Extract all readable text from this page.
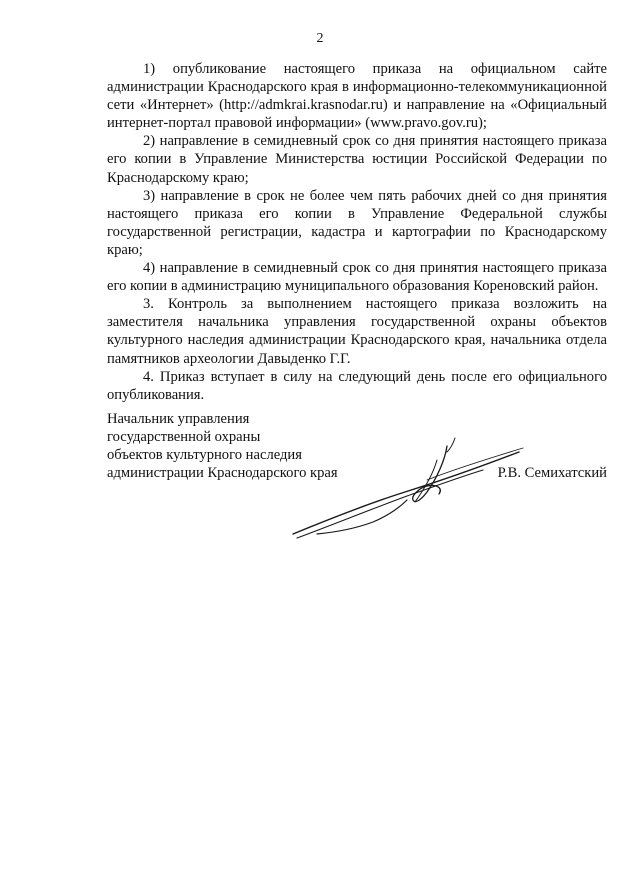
2

1) опубликование настоящего приказа на официальном сайте администрации Краснодарского края в информационно-телекоммуникационной сети «Интернет» (http://admkrai.krasnodar.ru) и направление на «Официальный интернет-портал правовой информации» (www.pravo.gov.ru);

2) направление в семидневный срок со дня принятия настоящего приказа его копии в Управление Министерства юстиции Российской Федерации по Краснодарскому краю;

3) направление в срок не более чем пять рабочих дней со дня принятия настоящего приказа его копии в Управление Федеральной службы государственной регистрации, кадастра и картографии по Краснодарскому краю;

4) направление в семидневный срок со дня принятия настоящего приказа его копии в администрацию муниципального образования Кореновский район.

3. Контроль за выполнением настоящего приказа возложить на заместителя начальника управления государственной охраны объектов культурного наследия администрации Краснодарского края, начальника отдела памятников археологии Давыденко Г.Г.

4. Приказ вступает в силу на следующий день после его официального опубликования.

Начальник управления
государственной охраны
объектов культурного наследия
администрации Краснодарского края	Р.В. Семихатский
